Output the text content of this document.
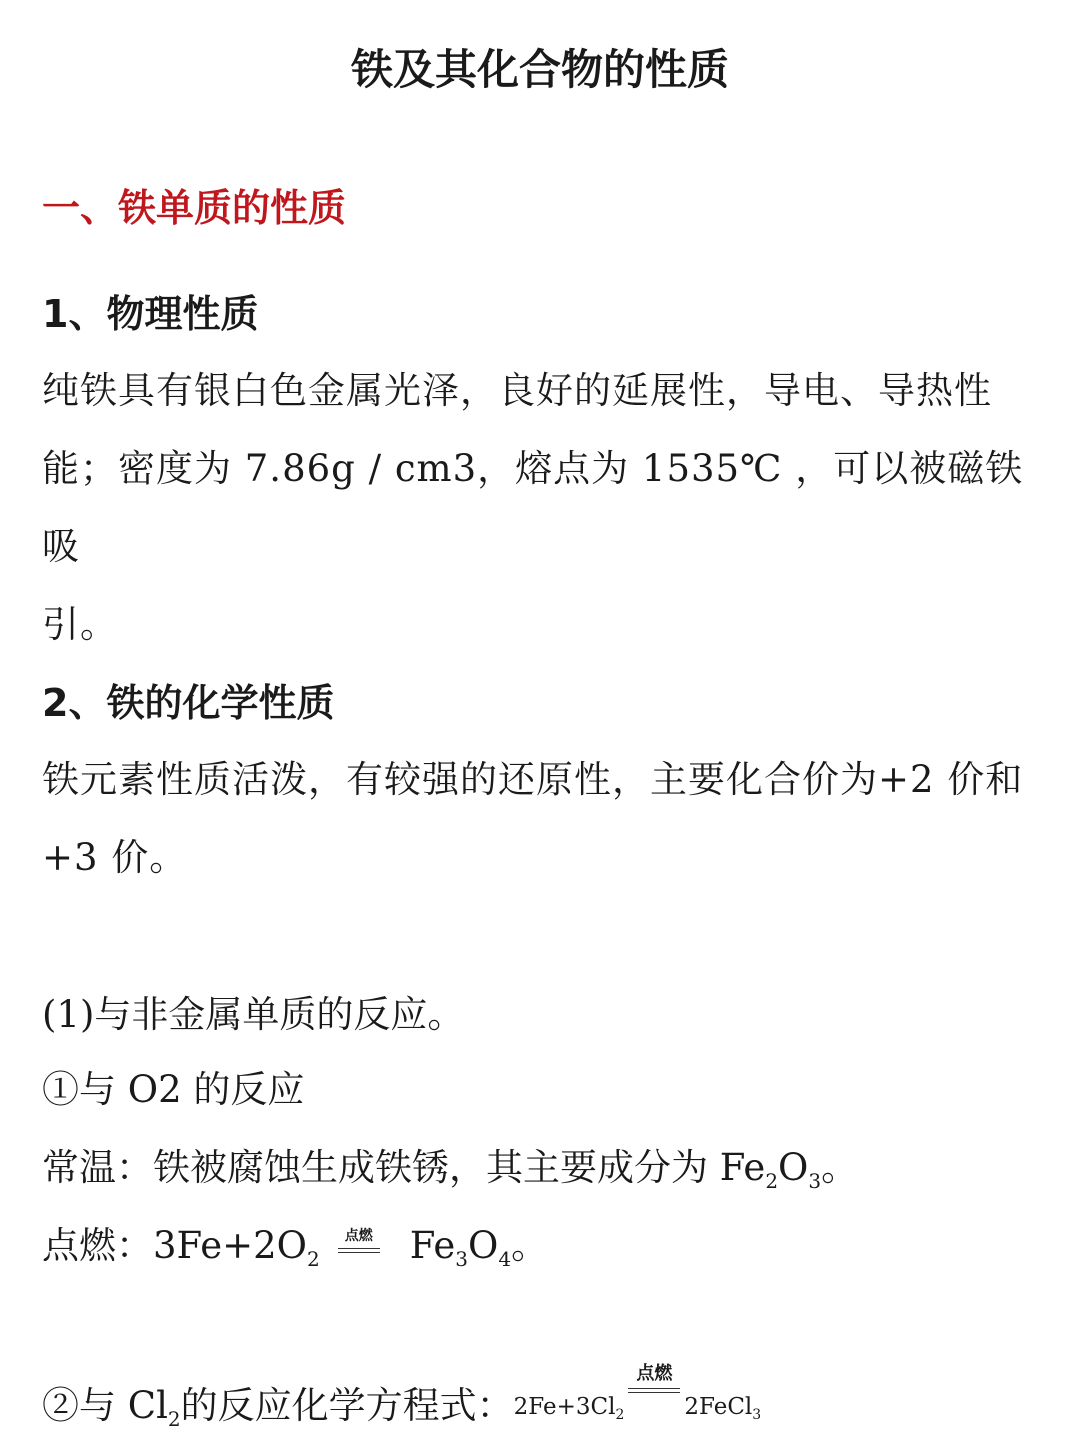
铁及其化合物的性质
一、铁单质的性质
1、物理性质
纯铁具有银白色金属光泽，良好的延展性，导电、导热性
能；密度为 7.86g / cm3，熔点为 1535℃ ，可以被磁铁吸
引。
2、铁的化学性质
铁元素性质活泼，有较强的还原性，主要化合价为+2 价和
+3 价。
(1)与非金属单质的反应。
①与 O2 的反应
常温：铁被腐蚀生成铁锈，其主要成分为 $Fe_2O_3$。
点燃：$3Fe+2O_2$
点燃 $Fe_3O_4$。
②与 $Cl_2$的反应化学方程式：$2Fe+3Cl_2$
点燃
2FeCl$_3$
